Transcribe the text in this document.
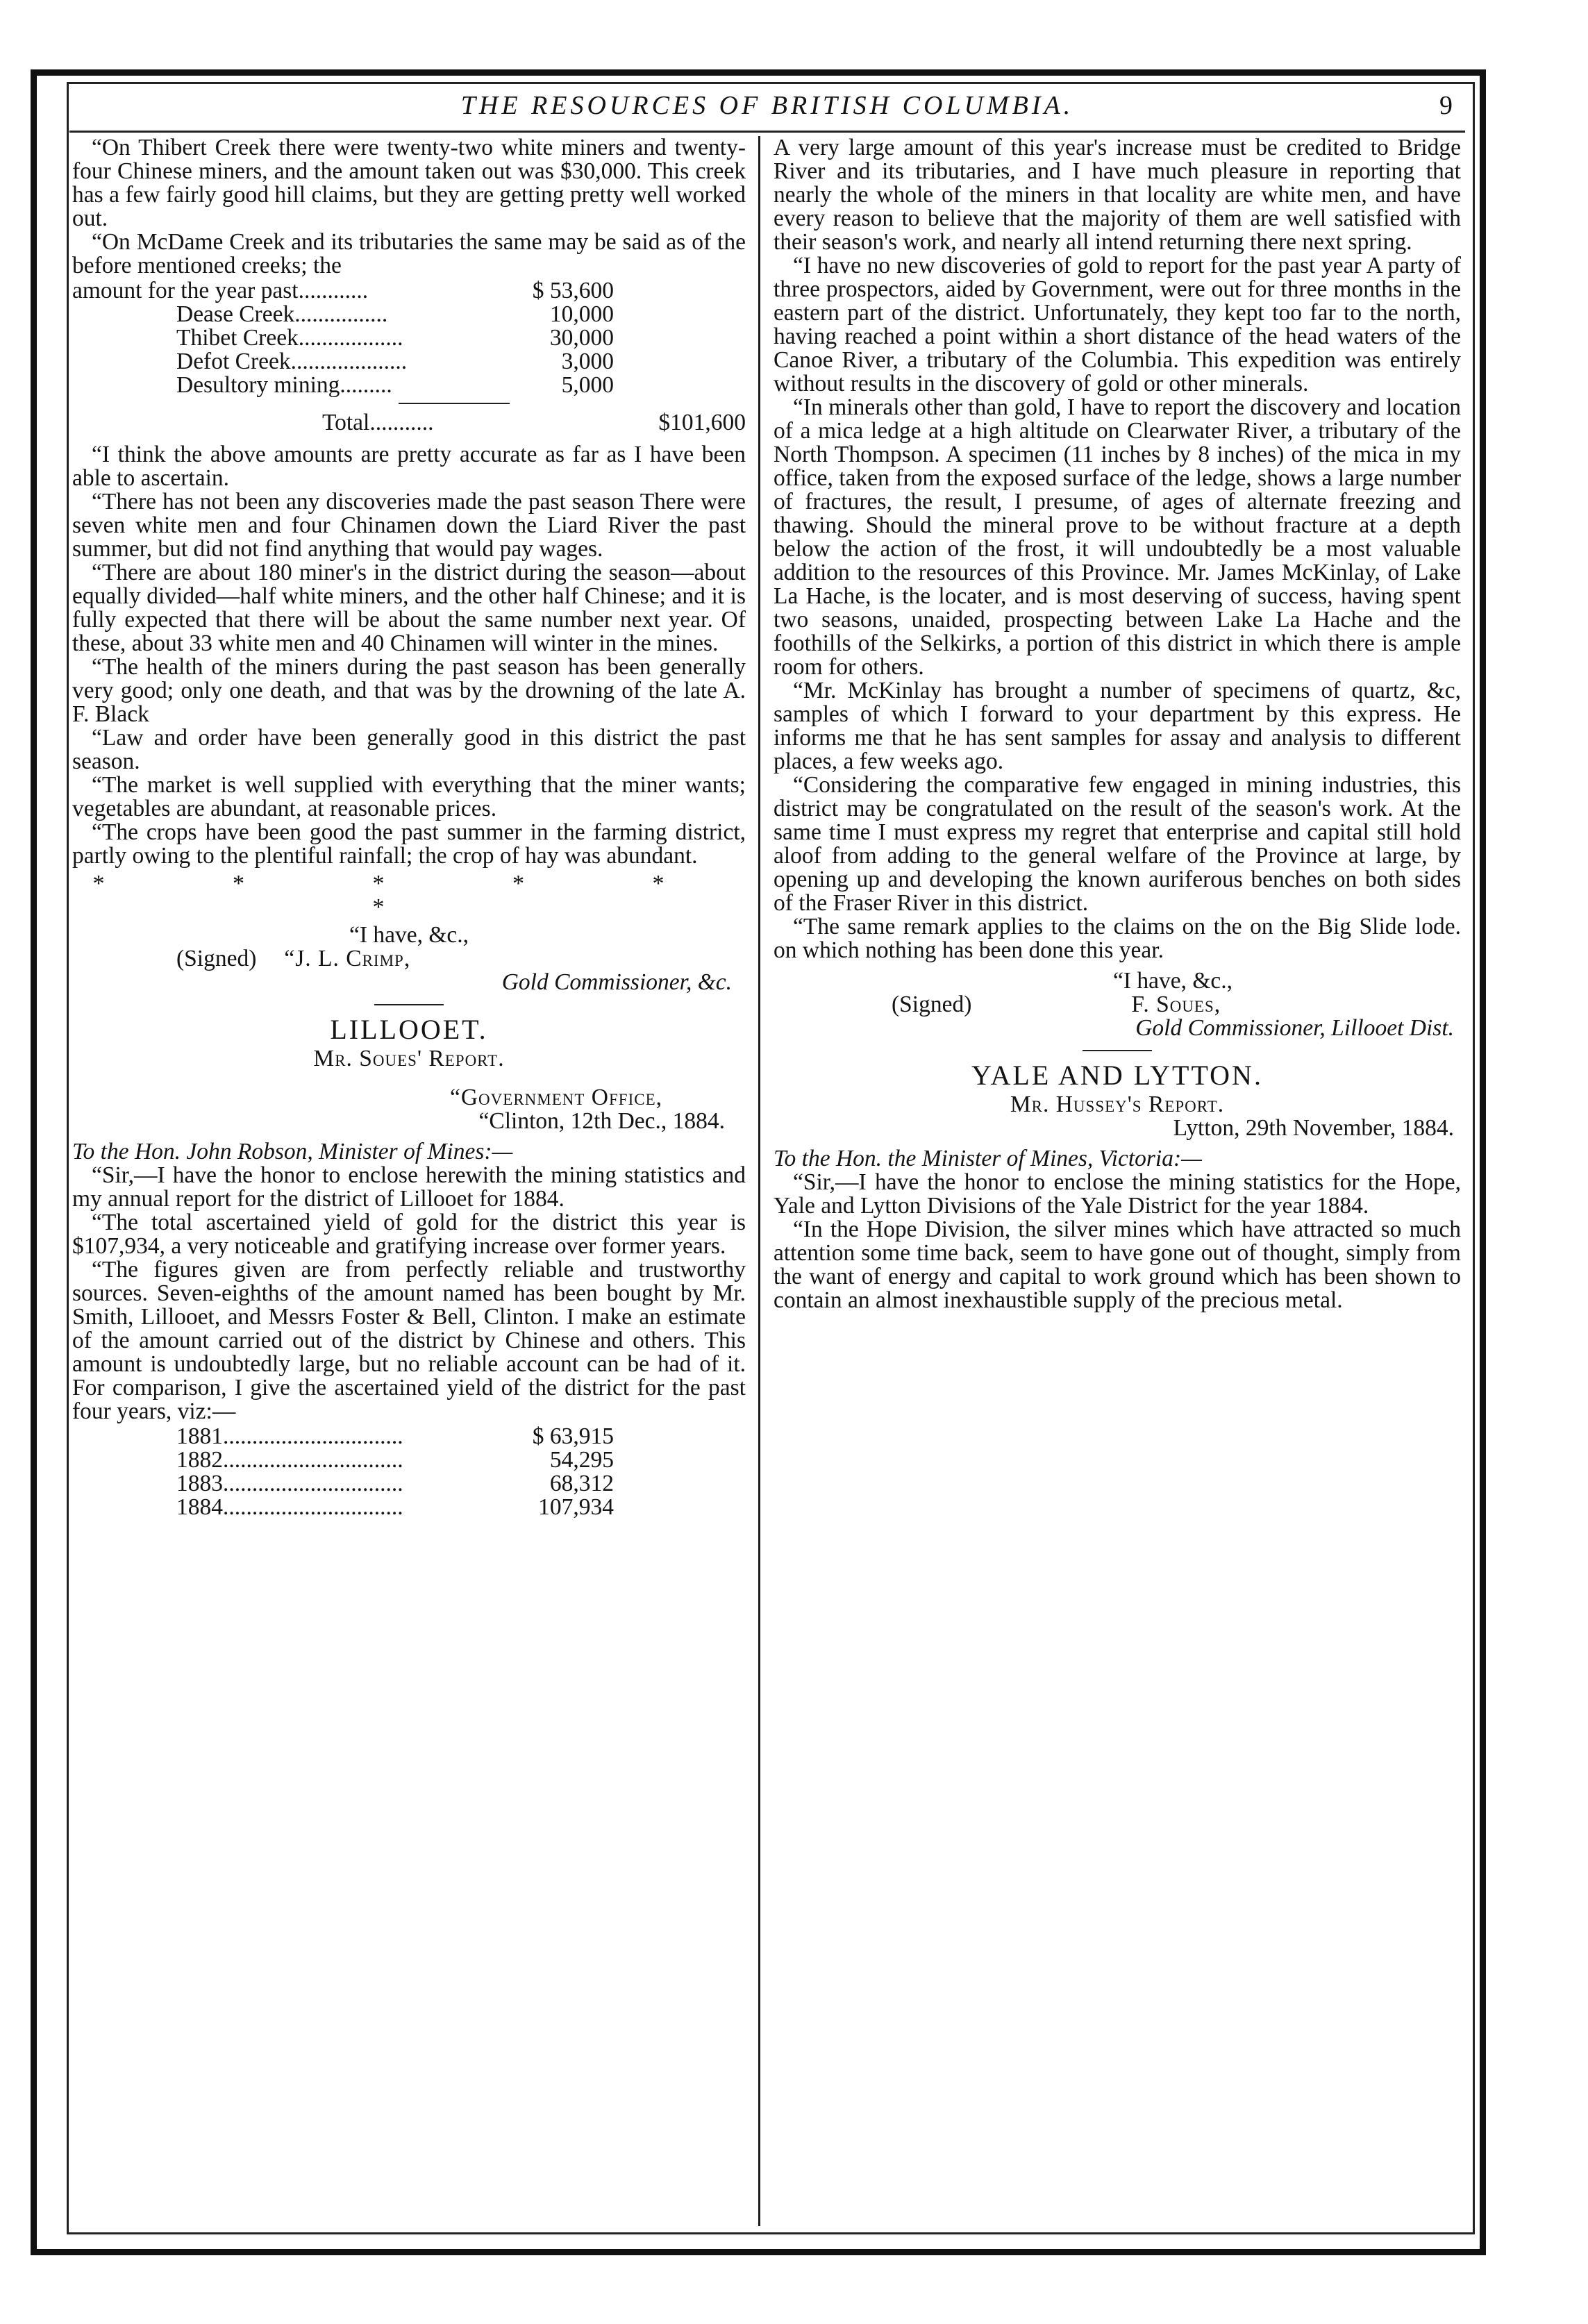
THE RESOURCES OF BRITISH COLUMBIA.	9

“On Thibert Creek there were twenty-two white miners and twenty-four Chinese miners, and the amount taken out was $30,000. This creek has a few fairly good hill claims, but they are getting pretty well worked out.

“On McDame Creek and its tributaries the same may be said as of the before mentioned creeks; the

amount for the year past............	$ 53,600
Dease Creek................	10,000
Thibet Creek..................	30,000
Defot Creek....................	3,000
Desultory mining.........	5,000
Total...........	$101,600

“I think the above amounts are pretty accurate as far as I have been able to ascertain.

“There has not been any discoveries made the past season There were seven white men and four Chinamen down the Liard River the past summer, but did not find anything that would pay wages.

“There are about 180 miner's in the district during the season—about equally divided—half white miners, and the other half Chinese; and it is fully expected that there will be about the same number next year. Of these, about 33 white men and 40 Chinamen will winter in the mines.

“The health of the miners during the past season has been generally very good; only one death, and that was by the drowning of the late A. F. Black

“Law and order have been generally good in this district the past season.

“The market is well supplied with everything that the miner wants; vegetables are abundant, at reasonable prices.

“The crops have been good the past summer in the farming district, partly owing to the plentiful rainfall; the crop of hay was abundant.

* * * * * *

“I have, &c.,

(Signed) “J. L. Crimp,

Gold Commissioner, &c.

LILLOOET.

Mr. Soues' Report.

“Government Office,

“Clinton, 12th Dec., 1884.

To the Hon. John Robson, Minister of Mines:—

“Sir,—I have the honor to enclose herewith the mining statistics and my annual report for the district of Lillooet for 1884.

“The total ascertained yield of gold for the district this year is $107,934, a very noticeable and gratifying increase over former years.

“The figures given are from perfectly reliable and trustworthy sources. Seven-eighths of the amount named has been bought by Mr. Smith, Lillooet, and Messrs Foster & Bell, Clinton. I make an estimate of the amount carried out of the district by Chinese and others. This amount is undoubtedly large, but no reliable account can be had of it. For comparison, I give the ascertained yield of the district for the past four years, viz:—

1881...............................	$ 63,915
1882...............................	54,295
1883...............................	68,312
1884...............................	107,934

A very large amount of this year's increase must be credited to Bridge River and its tributaries, and I have much pleasure in reporting that nearly the whole of the miners in that locality are white men, and have every reason to believe that the majority of them are well satisfied with their season's work, and nearly all intend returning there next spring.

“I have no new discoveries of gold to report for the past year A party of three prospectors, aided by Government, were out for three months in the eastern part of the district. Unfortunately, they kept too far to the north, having reached a point within a short distance of the head waters of the Canoe River, a tributary of the Columbia. This expedition was entirely without results in the discovery of gold or other minerals.

“In minerals other than gold, I have to report the discovery and location of a mica ledge at a high altitude on Clearwater River, a tributary of the North Thompson. A specimen (11 inches by 8 inches) of the mica in my office, taken from the exposed surface of the ledge, shows a large number of fractures, the result, I presume, of ages of alternate freezing and thawing. Should the mineral prove to be without fracture at a depth below the action of the frost, it will undoubtedly be a most valuable addition to the resources of this Province. Mr. James McKinlay, of Lake La Hache, is the locater, and is most deserving of success, having spent two seasons, unaided, prospecting between Lake La Hache and the foothills of the Selkirks, a portion of this district in which there is ample room for others.

“Mr. McKinlay has brought a number of specimens of quartz, &c, samples of which I forward to your department by this express. He informs me that he has sent samples for assay and analysis to different places, a few weeks ago.

“Considering the comparative few engaged in mining industries, this district may be congratulated on the result of the season's work. At the same time I must express my regret that enterprise and capital still hold aloof from adding to the general welfare of the Province at large, by opening up and developing the known auriferous benches on both sides of the Fraser River in this district.

“The same remark applies to the claims on the on the Big Slide lode. on which nothing has been done this year.

“I have, &c.,

(Signed)	F. Soues,

Gold Commissioner, Lillooet Dist.

YALE AND LYTTON.

Mr. Hussey's Report.

Lytton, 29th November, 1884.

To the Hon. the Minister of Mines, Victoria:—

“Sir,—I have the honor to enclose the mining statistics for the Hope, Yale and Lytton Divisions of the Yale District for the year 1884.

“In the Hope Division, the silver mines which have attracted so much attention some time back, seem to have gone out of thought, simply from the want of energy and capital to work ground which has been shown to contain an almost inexhaustible supply of the precious metal.
